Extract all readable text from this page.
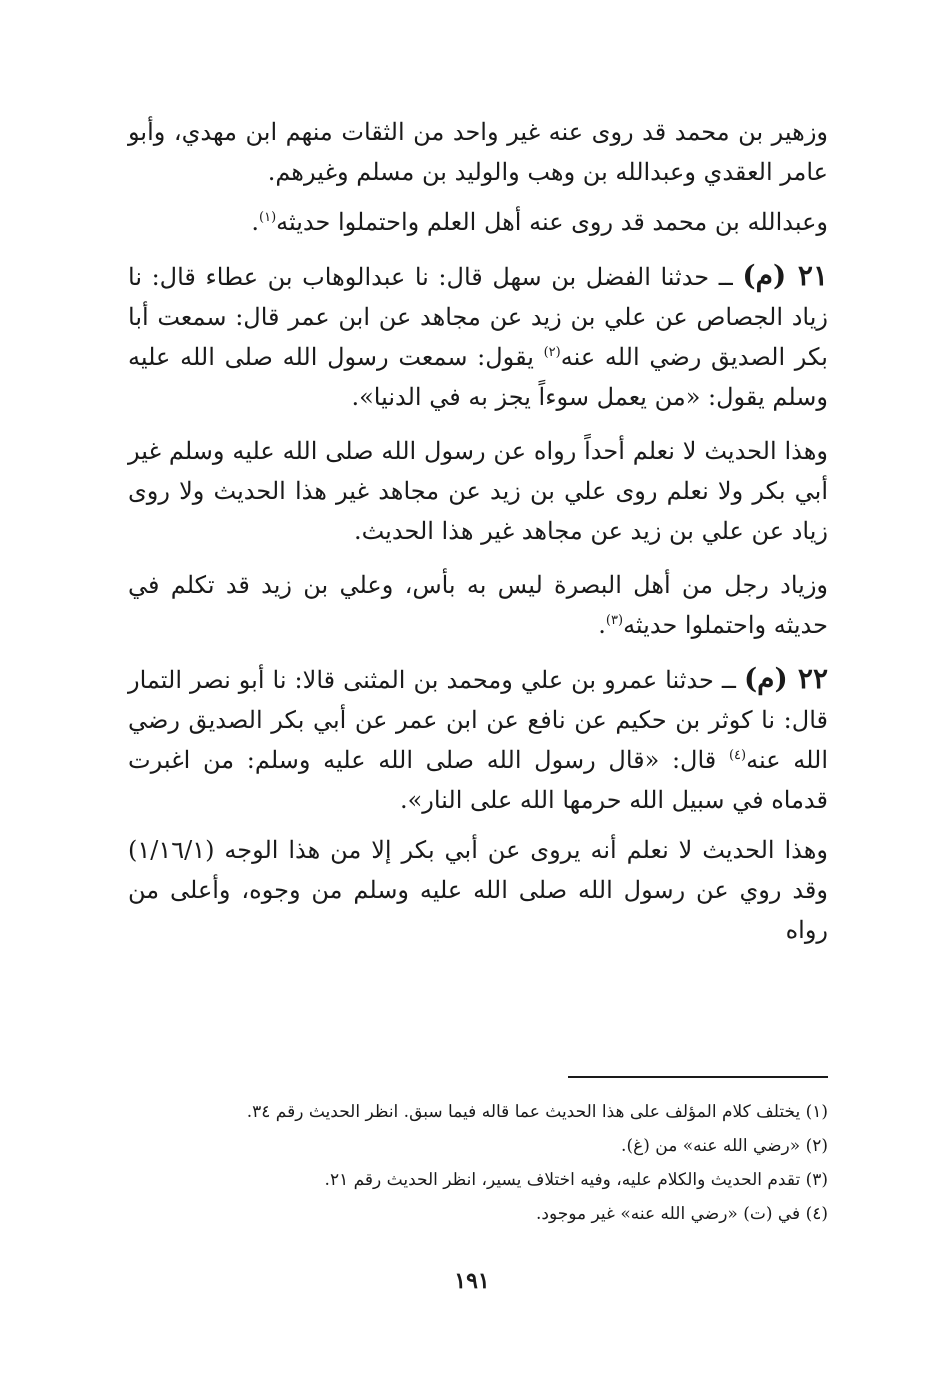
وزهير بن محمد قد روى عنه غير واحد من الثقات منهم ابن مهدي، وأبو عامر العقدي وعبدالله بن وهب والوليد بن مسلم وغيرهم.

وعبدالله بن محمد قد روى عنه أهل العلم واحتملوا حديثه$^{(١)}$.

٢١ (م) ــ حدثنا الفضل بن سهل قال: نا عبدالوهاب بن عطاء قال: نا زياد الجصاص عن علي بن زيد عن مجاهد عن ابن عمر قال: سمعت أبا بكر الصديق رضي الله عنه$^{(٢)}$ يقول: سمعت رسول الله صلى الله عليه وسلم يقول: «من يعمل سوءاً يجز به في الدنيا».

وهذا الحديث لا نعلم أحداً رواه عن رسول الله صلى الله عليه وسلم غير أبي بكر ولا نعلم روى علي بن زيد عن مجاهد غير هذا الحديث ولا روى زياد عن علي بن زيد عن مجاهد غير هذا الحديث.

وزياد رجل من أهل البصرة ليس به بأس، وعلي بن زيد قد تكلم في حديثه واحتملوا حديثه$^{(٣)}$.

٢٢ (م) ــ حدثنا عمرو بن علي ومحمد بن المثنى قالا: نا أبو نصر التمار قال: نا كوثر بن حكيم عن نافع عن ابن عمر عن أبي بكر الصديق رضي الله عنه$^{(٤)}$ قال: «قال رسول الله صلى الله عليه وسلم: من اغبرت قدماه في سبيل الله حرمها الله على النار».

وهذا الحديث لا نعلم أنه يروى عن أبي بكر إلا من هذا الوجه (١/١٦/١) وقد روي عن رسول الله صلى الله عليه وسلم من وجوه، وأعلى من رواه

(١) يختلف كلام المؤلف على هذا الحديث عما قاله فيما سبق. انظر الحديث رقم ٣٤.

(٢) «رضي الله عنه» من (غ).

(٣) تقدم الحديث والكلام عليه، وفيه اختلاف يسير، انظر الحديث رقم ٢١.

(٤) في (ت) «رضي الله عنه» غير موجود.

١٩١
